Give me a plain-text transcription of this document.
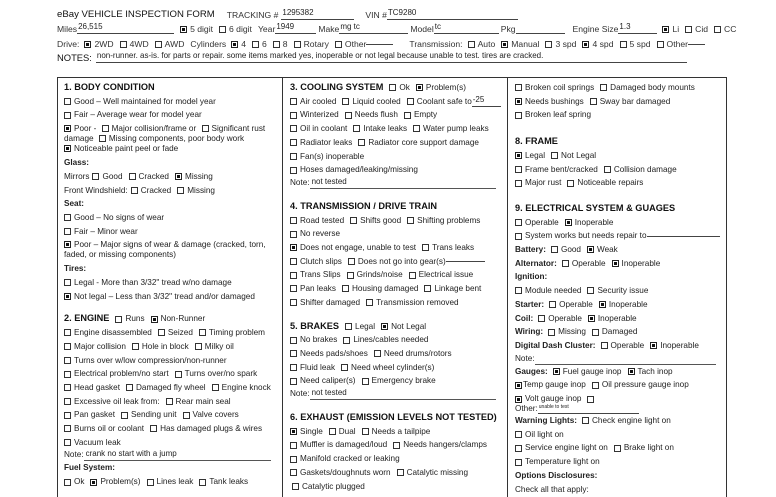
eBay VEHICLE INSPECTION FORM TRACKING # 1295382	VIN # TC9280
Miles 26,515	5 digit 6 digit Year 1949	Make mg tc	Model tc	Pkg	Engine Size 1.3	Li Cid CC
Drive: 2WD 4WD AWD Cylinders 4 6 8 Rotary Other	Transmission: Auto Manual 3 spd 4 spd 5 spd Other
NOTES: non-runner. as-is. for parts or repair. some items marked yes, inoperable or not legal because unable to test. tires are cracked.
1. BODY CONDITION
Good – Well maintained for model year
Fair – Average wear for model year
Poor - Major collision/frame or Significant rust damage Missing components, poor body work
Noticeable paint peel or fade
Glass:
Mirrors Good Cracked Missing
Front Windshield: Cracked Missing
Seat:
Good – No signs of wear
Fair – Minor wear
Poor – Major signs of wear & damage (cracked, torn, faded, or missing components)
Tires:
Legal - More than 3/32" tread w/no damage
Not legal – Less than 3/32" tread and/or damaged
2. ENGINE Runs Non-Runner
Engine disassembled Seized Timing problem
Major collision Hole in block Milky oil
Turns over w/low compression/non-runner
Electrical problem/no start Turns over/no spark
Head gasket Damaged fly wheel Engine knock
Excessive oil leak from: Rear main seal
Pan gasket Sending unit Valve covers
Burns oil or coolant Has damaged plugs & wires
Vacuum leak
Note: crank no start with a jump
Fuel System:
Ok Problem(s) Lines leak Tank leaks
3. COOLING SYSTEM Ok Problem(s)
Air cooled Liquid cooled Coolant safe to -25
Winterized Needs flush Empty
Oil in coolant Intake leaks Water pump leaks
Radiator leaks Radiator core support damage
Fan(s) inoperable
Hoses damaged/leaking/missing
Note: not tested
4. TRANSMISSION / DRIVE TRAIN
Road tested Shifts good Shifting problems
No reverse
Does not engage, unable to test Trans leaks
Clutch slips Does not go into gear(s)
Trans Slips Grinds/noise Electrical issue
Pan leaks Housing damaged Linkage bent
Shifter damaged Transmission removed
5. BRAKES Legal Not Legal
No brakes Lines/cables needed
Needs pads/shoes Need drums/rotors
Fluid leak Need wheel cylinder(s)
Need caliper(s) Emergency brake
Note: not tested
6. EXHAUST (EMISSION LEVELS NOT TESTED)
Single Dual Needs a tailpipe
Muffler is damaged/loud Needs hangers/clamps
Manifold cracked or leaking
Gaskets/doughnuts worn Catalytic missing
Catalytic plugged
Broken coil springs Damaged body mounts
Needs bushings Sway bar damaged
Broken leaf spring
8. FRAME
Legal Not Legal
Frame bent/cracked Collision damage
Major rust Noticeable repairs
9. ELECTRICAL SYSTEM & GUAGES
Operable Inoperable
System works but needs repair to
Battery: Good Weak
Alternator: Operable Inoperable
Ignition:
Module needed Security issue
Starter: Operable Inoperable
Coil: Operable Inoperable
Wiring: Missing Damaged
Digital Dash Cluster: Operable Inoperable
Note:
Gauges: Fuel gauge inop Tach inop
Temp gauge inop Oil pressure gauge inop
Volt gauge inop
Other: unable to test
Warning Lights: Check engine light on
Oil light on
Service engine light on Brake light on
Temperature light on
Options Disclosures:
Check all that apply:
